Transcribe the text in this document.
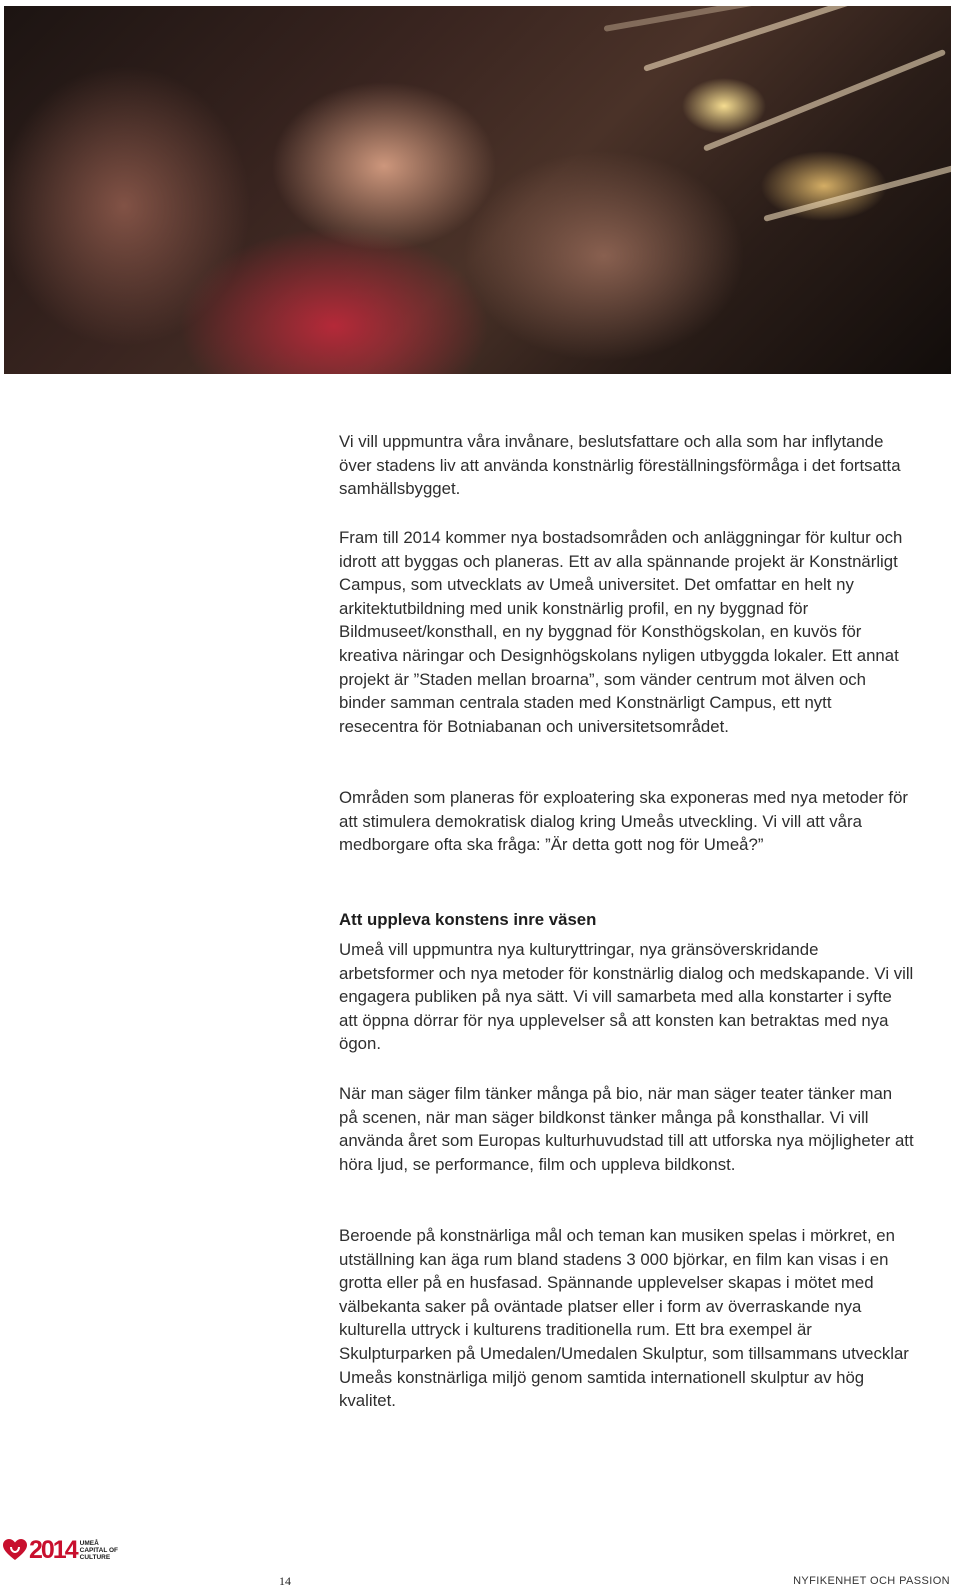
Vi vill uppmuntra våra invånare, beslutsfattare och alla som har inflytande över stadens liv att använda konstnärlig föreställningsförmåga i det fortsatta samhällsbygget.

Fram till 2014 kommer nya bostadsområden och anläggningar för kultur och idrott att byggas och planeras. Ett av alla spännande projekt är Konstnärligt Campus, som utvecklats av Umeå universitet. Det omfattar en helt ny arkitektutbildning med unik konstnärlig profil, en ny byggnad för Bildmuseet/konsthall, en ny byggnad för Konsthögskolan, en kuvös för kreativa näringar och Designhögskolans nyligen utbyggda lokaler. Ett annat projekt är ”Staden mellan broarna”, som vänder centrum mot älven och binder samman centrala staden med Konstnärligt Campus, ett nytt resecentra för Botniabanan och universitetsområdet.

Områden som planeras för exploatering ska exponeras med nya metoder för att stimulera demokratisk dialog kring Umeås utveckling. Vi vill att våra medborgare ofta ska fråga: ”Är detta gott nog för Umeå?”

Att uppleva konstens inre väsen

Umeå vill uppmuntra nya kulturyttringar, nya gränsöverskridande arbetsformer och nya metoder för konstnärlig dialog och medskapande. Vi vill engagera publiken på nya sätt. Vi vill samarbeta med alla konstarter i syfte att öppna dörrar för nya upplevelser så att konsten kan betraktas med nya ögon.

När man säger film tänker många på bio, när man säger teater tänker man på scenen, när man säger bildkonst tänker många på konsthallar. Vi vill använda året som Europas kulturhuvudstad till att utforska nya möjligheter att höra ljud, se performance, film och uppleva bildkonst.

Beroende på konstnärliga mål och teman kan musiken spelas i mörkret, en utställning kan äga rum bland stadens 3 000 björkar, en film kan visas i en grotta eller på en husfasad. Spännande upplevelser skapas i mötet med välbekanta saker på oväntade platser eller i form av överraskande nya kulturella uttryck i kulturens traditionella rum. Ett bra exempel är Skulpturparken på Umedalen/Umedalen Skulptur, som tillsammans utvecklar Umeås konstnärliga miljö genom samtida internationell skulptur av hög kvalitet.

2014 UMEÅ CAPITAL OF CULTURE
14	NYFIKENHET OCH PASSION
